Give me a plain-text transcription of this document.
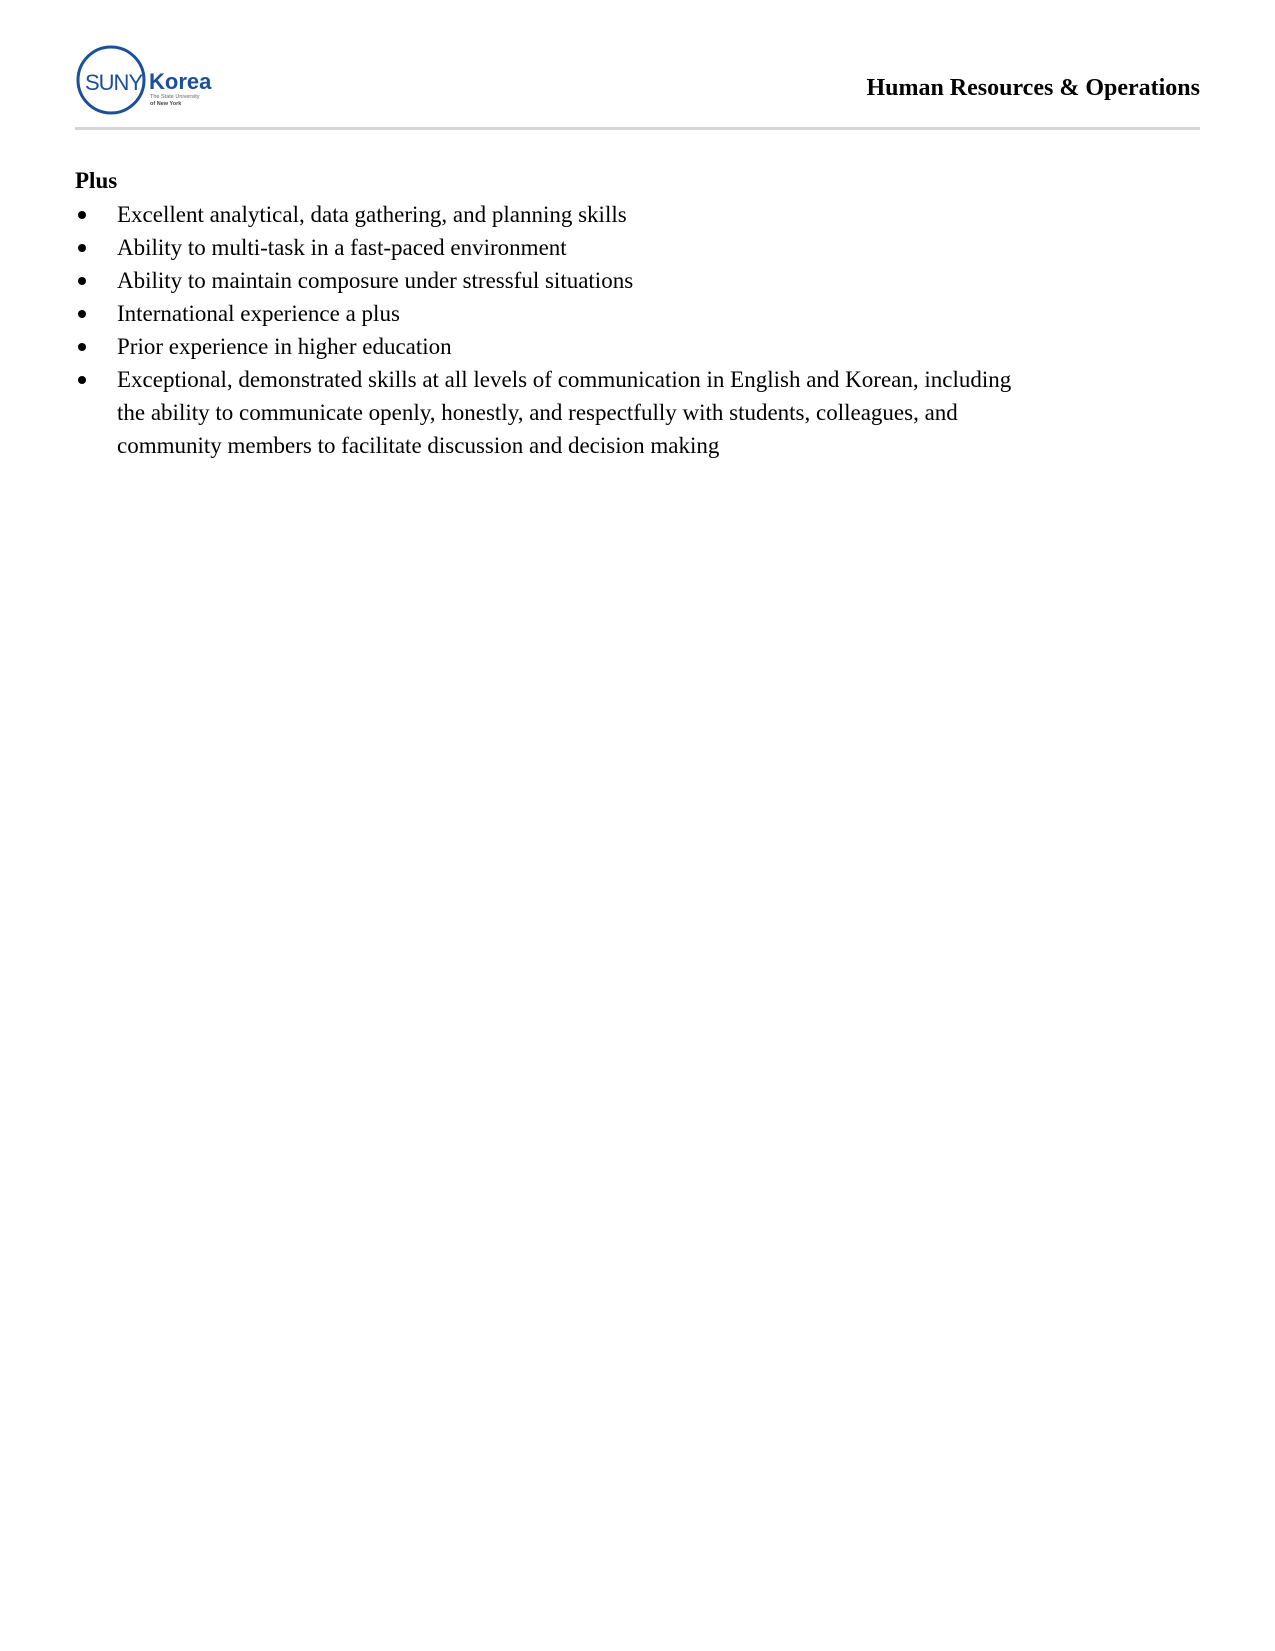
SUNY Korea
The State University
of New York
Human Resources & Operations
Plus
Excellent analytical, data gathering, and planning skills
Ability to multi-task in a fast-paced environment
Ability to maintain composure under stressful situations
International experience a plus
Prior experience in higher education
Exceptional, demonstrated skills at all levels of communication in English and Korean, including the ability to communicate openly, honestly, and respectfully with students, colleagues, and community members to facilitate discussion and decision making
